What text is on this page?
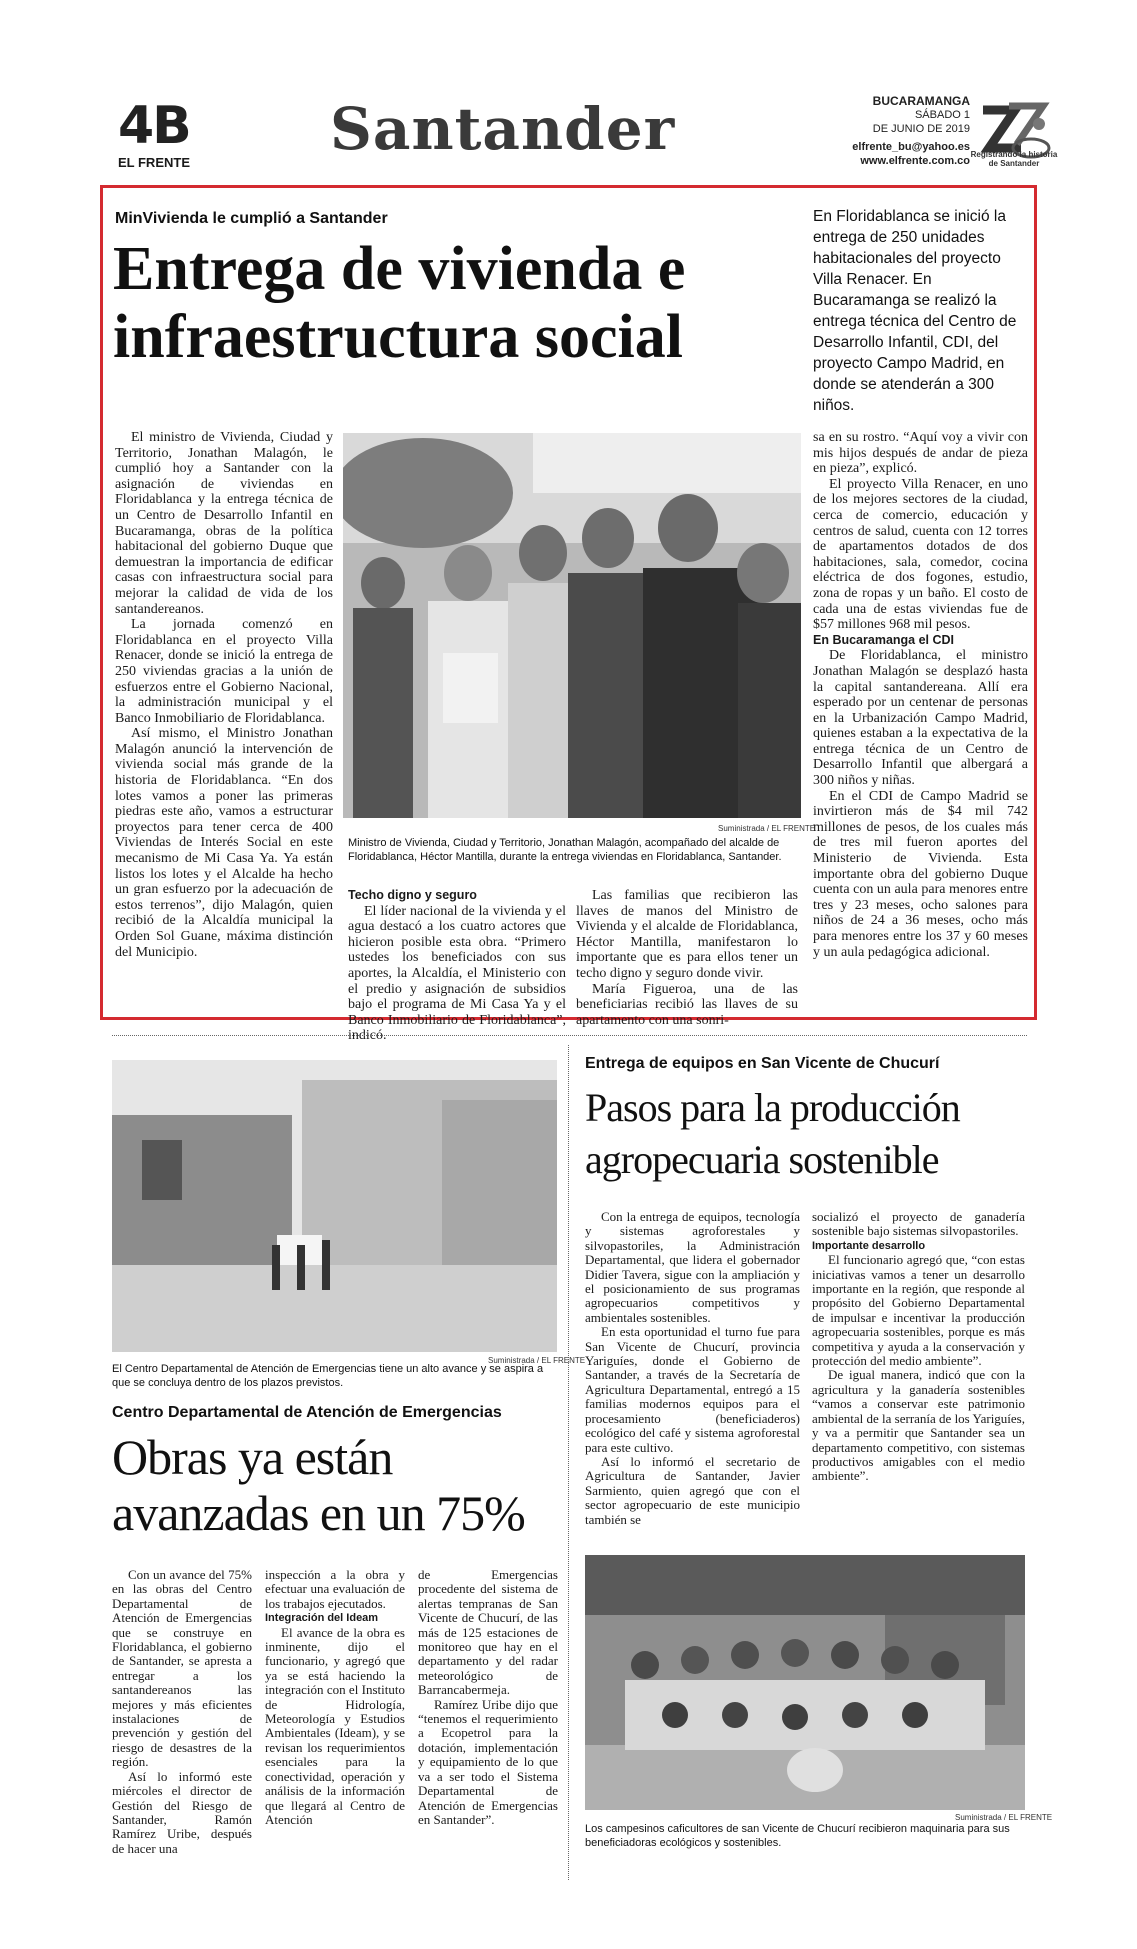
4B
EL FRENTE Santander	BUCARAMANGA
SÁBADO 1
DE JUNIO DE 2019
elfrente_bu@yahoo.es
www.elfrente.com.co
Registrando la historia de Santander
MinVivienda le cumplió a Santander
Entrega de vivienda e
infraestructura social
En Floridablanca se inició la entrega de 250 unidades habitacionales del proyecto Villa Renacer. En Bucaramanga se realizó la entrega técnica del Centro de Desarrollo Infantil, CDI, del proyecto Campo Madrid, en donde se atenderán a 300 niños.

El ministro de Vivienda, Ciudad y Territorio, Jonathan Malagón, le cumplió hoy a Santander con la asignación de viviendas en Floridablanca y la entrega técnica de un Centro de Desarrollo Infantil en Bucaramanga, obras de la política habitacional del gobierno Duque que demuestran la importancia de edificar casas con infraestructura social para mejorar la calidad de vida de los santandereanos.

La jornada comenzó en Floridablanca en el proyecto Villa Renacer, donde se inició la entrega de 250 viviendas gracias a la unión de esfuerzos entre el Gobierno Nacional, la administración municipal y el Banco Inmobiliario de Floridablanca.

Así mismo, el Ministro Jonathan Malagón anunció la intervención de vivienda social más grande de la historia de Floridablanca. “En dos lotes vamos a poner las primeras piedras este año, vamos a estructurar proyectos para tener cerca de 400 Viviendas de Interés Social en este mecanismo de Mi Casa Ya. Ya están listos los lotes y el Alcalde ha hecho un gran esfuerzo por la adecuación de estos terrenos”, dijo Malagón, quien recibió de la Alcaldía municipal la Orden Sol Guane, máxima distinción del Municipio.

Suministrada / EL FRENTE
Ministro de Vivienda, Ciudad y Territorio, Jonathan Malagón, acompañado del alcalde de Floridablanca, Héctor Mantilla, durante la entrega viviendas en Floridablanca, Santander.

Techo digno y seguro

El líder nacional de la vivienda y el agua destacó a los cuatro actores que hicieron posible esta obra. “Primero ustedes los beneficiados con sus aportes, la Alcaldía, el Ministerio con el predio y asignación de subsidios bajo el programa de Mi Casa Ya y el Banco Inmobiliario de Floridablanca”, indicó.

Las familias que recibieron las llaves de manos del Ministro de Vivienda y el alcalde de Floridablanca, Héctor Mantilla, manifestaron lo importante que es para ellos tener un techo digno y seguro donde vivir.

María Figueroa, una de las beneficiarias recibió las llaves de su apartamento con una sonri-

sa en su rostro. “Aquí voy a vivir con mis hijos después de andar de pieza en pieza”, explicó.

El proyecto Villa Renacer, en uno de los mejores sectores de la ciudad, cerca de comercio, educación y centros de salud, cuenta con 12 torres de apartamentos dotados de dos habitaciones, sala, comedor, cocina eléctrica de dos fogones, estudio, zona de ropas y un baño. El costo de cada una de estas viviendas fue de $57 millones 968 mil pesos.

En Bucaramanga el CDI

De Floridablanca, el ministro Jonathan Malagón se desplazó hasta la capital santandereana. Allí era esperado por un centenar de personas en la Urbanización Campo Madrid, quienes estaban a la expectativa de la entrega técnica de un Centro de Desarrollo Infantil que albergará a 300 niños y niñas.

En el CDI de Campo Madrid se invirtieron más de $4 mil 742 millones de pesos, de los cuales más de tres mil fueron aportes del Ministerio de Vivienda. Esta importante obra del gobierno Duque cuenta con un aula para menores entre tres y 23 meses, ocho salones para niños de 24 a 36 meses, ocho más para menores entre los 37 y 60 meses y un aula pedagógica adicional.

Suministrada / EL FRENTE
El Centro Departamental de Atención de Emergencias tiene un alto avance y se aspira a que se concluya dentro de los plazos previstos.
Centro Departamental de Atención de Emergencias
Obras ya están
avanzadas en un 75%

Con un avance del 75% en las obras del Centro Departamental de Atención de Emergencias que se construye en Floridablanca, el gobierno de Santander, se apresta a entregar a los santandereanos las mejores y más eficientes instalaciones de prevención y gestión del riesgo de desastres de la región.

Así lo informó este miércoles el director de Gestión del Riesgo de Santander, Ramón Ramírez Uribe, después de hacer una

inspección a la obra y efectuar una evaluación de los trabajos ejecutados.

Integración del Ideam

El avance de la obra es inminente, dijo el funcionario, y agregó que ya se está haciendo la integración con el Instituto de Hidrología, Meteorología y Estudios Ambientales (Ideam), y se revisan los requerimientos esenciales para la conectividad, operación y análisis de la información que llegará al Centro de Atención

de Emergencias procedente del sistema de alertas tempranas de San Vicente de Chucurí, de las más de 125 estaciones de monitoreo que hay en el departamento y del radar meteorológico de Barrancabermeja.

Ramírez Uribe dijo que “tenemos el requerimiento a Ecopetrol para la dotación, implementación y equipamiento de lo que va a ser todo el Sistema Departamental de Atención de Emergencias en Santander”.

Entrega de equipos en San Vicente de Chucurí
Pasos para la producción
agropecuaria sostenible

Con la entrega de equipos, tecnología y sistemas agroforestales y silvopastoriles, la Administración Departamental, que lidera el gobernador Didier Tavera, sigue con la ampliación y el posicionamiento de sus programas agropecuarios competitivos y ambientales sostenibles.

En esta oportunidad el turno fue para San Vicente de Chucurí, provincia Yariguíes, donde el Gobierno de Santander, a través de la Secretaría de Agricultura Departamental, entregó a 15 familias modernos equipos para el procesamiento (beneficiaderos) ecológico del café y sistema agroforestal para este cultivo.

Así lo informó el secretario de Agricultura de Santander, Javier Sarmiento, quien agregó que con el sector agropecuario de este municipio también se

socializó el proyecto de ganadería sostenible bajo sistemas silvopastoriles.

Importante desarrollo

El funcionario agregó que, “con estas iniciativas vamos a tener un desarrollo importante en la región, que responde al propósito del Gobierno Departamental de impulsar e incentivar la producción agropecuaria sostenibles, porque es más competitiva y ayuda a la conservación y protección del medio ambiente”.

De igual manera, indicó que con la agricultura y la ganadería sostenibles “vamos a conservar este patrimonio ambiental de la serranía de los Yariguíes, y va a permitir que Santander sea un departamento competitivo, con sistemas productivos amigables con el medio ambiente”.

Suministrada / EL FRENTE
Los campesinos caficultores de san Vicente de Chucurí recibieron maquinaria para sus beneficiadoras ecológicos y sostenibles.
